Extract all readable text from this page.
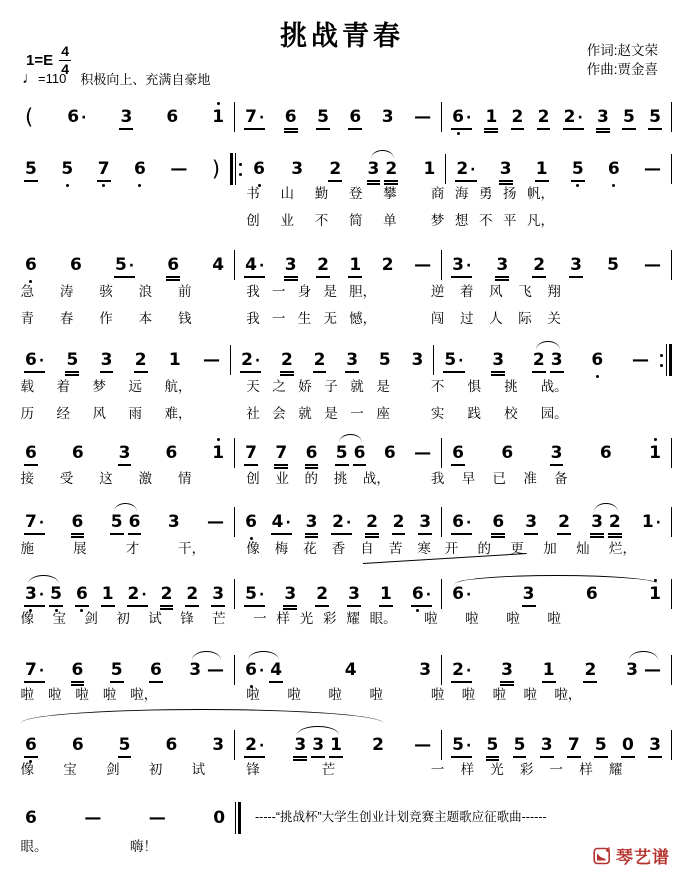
挑战青春
1=E
4
4
♩=110 积极向上、充满自豪地
作词:赵文荣
作曲:贾金喜
( 6 · 3 6 1 7 · 6 5 6 3 — 6 · 1 2 2 2 · 3 5 5
5 5 7 6 — ) 6 3 2 3 2 1 2 · 3 1 5 6 —
6 6 5 · 6 4 4 · 3 2 1 2 — 3 · 3 2 3 5 —
6 · 5 3 2 1 — 2 · 2 2 3 5 3 5 · 3 2 3 6 —
6 6 3 6 1 7 7 6 5 6 6 — 6 6 3 6 1
7 · 6 5 6 3 — 6 4 · 3 2 · 2 2 3 6 · 6 3 2 3 2 1 ·
3 · 5 6 1 2 · 2 2 3 5 · 3 2 3 1 6 · 6 ·	3	6	1
7 · 6 5 6 3 — 6 · 4	4	3 2 · 3 1 2 3 —
6 6 5 6 3 2 · 3 3 1 2 — 5 · 5 5 3 7 5 0 3
6	—	—	0 -----“挑战杯”大学生创业计划竞赛主题歌应征歌曲------
琴艺谱
书 山 勤 登 攀	商 海 勇 扬 帆，
创 业 不 简 单	梦 想 不 平 凡，
急 涛 骇 浪 前	我 一 身 是 胆，	逆 着 风 飞 翔
青 春 作 本 钱	我 一 生 无 憾，	闯 过 人 际 关
载 着 梦 远 航，	天 之 娇 子 就 是	不 惧 挑 战。
历 经 风 雨 难，	社 会 就 是 一 座	实 践 校 园。
接 受 这 激 情	创 业 的 挑 战，	我 早 已 准 备
施	展	才	干，	像 梅 花 香 自 苦 寒 开 的 更 加 灿 烂，
像 宝 剑 初 试 锋 芒 一 样 光 彩 耀 眼。 啦 啦 啦 啦
啦 啦 啦 啦 啦，	啦 啦 啦 啦	啦 啦 啦 啦 啦，
像 宝 剑 初 试	锋	芒	一 样 光 彩 一 样 耀
眼。	嗨！
